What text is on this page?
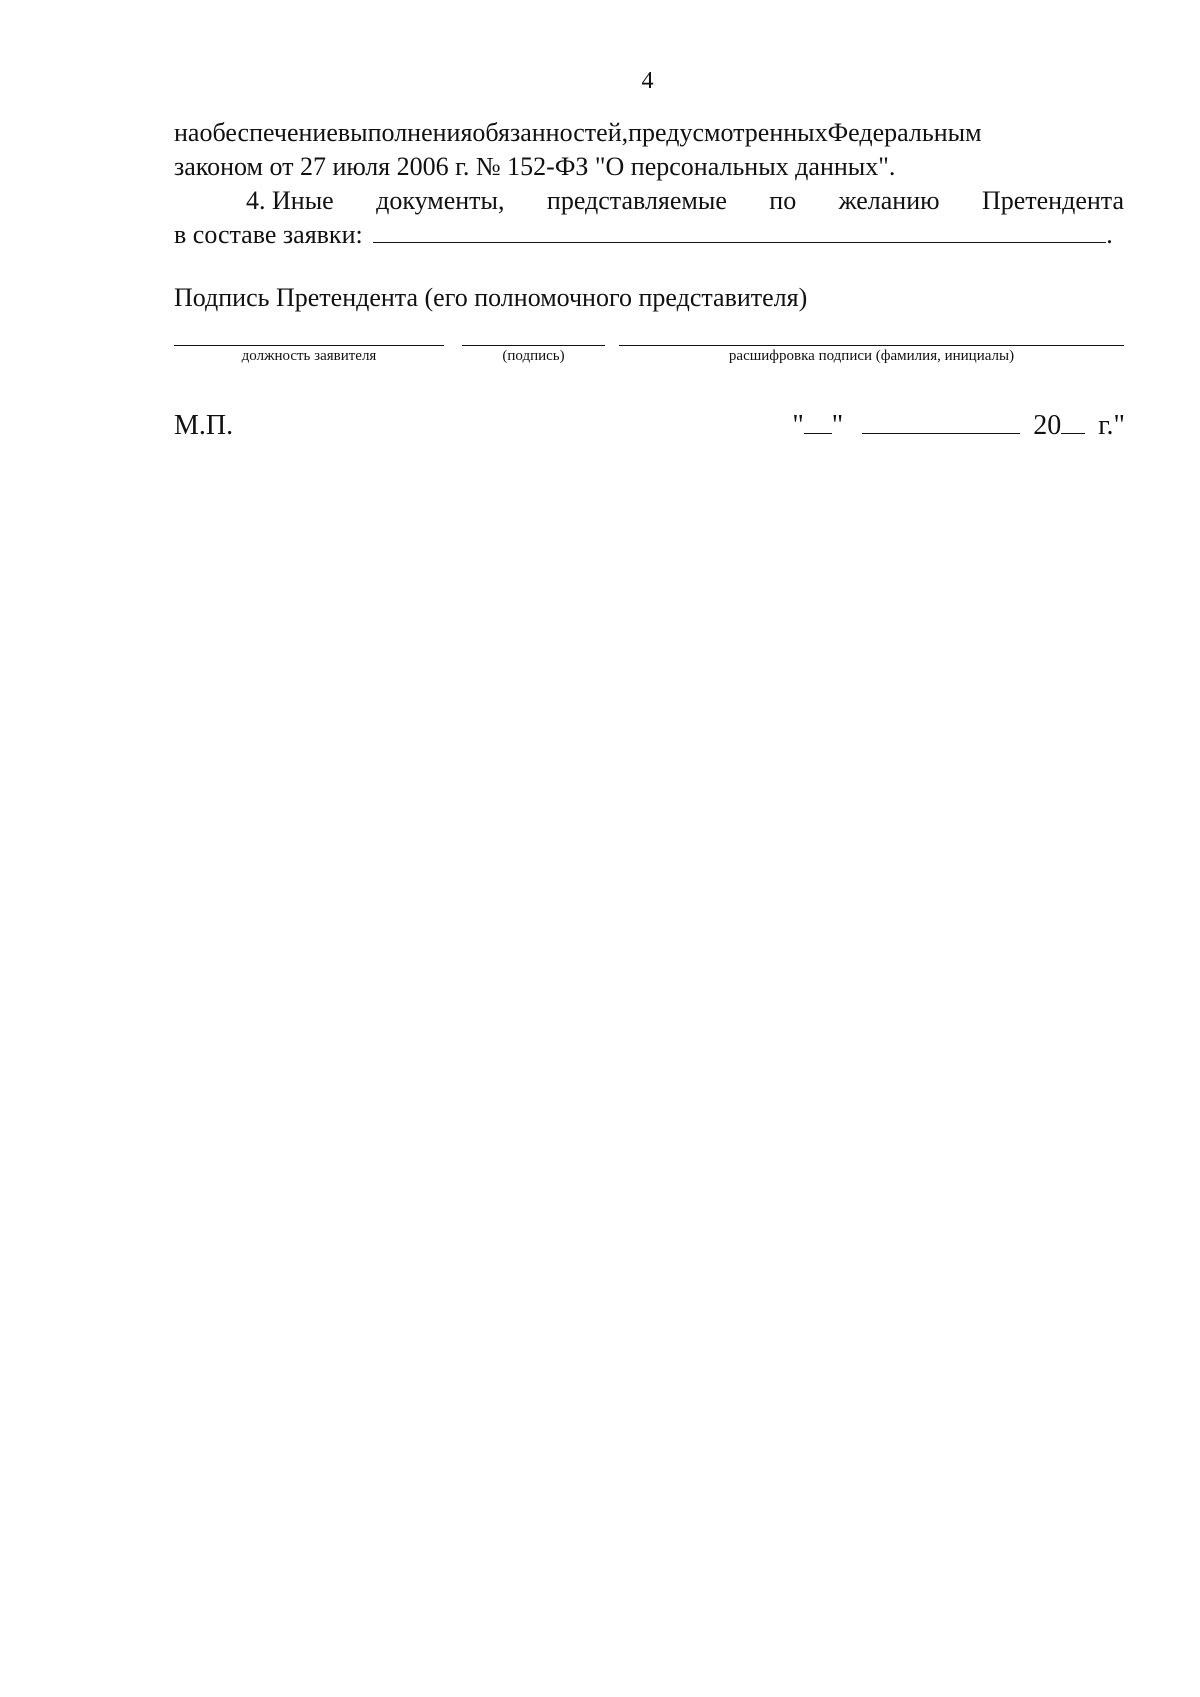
4
наобеспечениевыполненияобязанностей,предусмотренныхФедеральным
законом от 27 июля 2006 г. № 152-ФЗ "О персональных данных".
4. Иные документы, представляемые по желанию Претендента
в составе заявки:	.
Подпись Претендента (его полномочного представителя)
должность заявителя	(подпись)	расшифровка подписи (фамилия, инициалы)
М.П.	" "	20 г."
